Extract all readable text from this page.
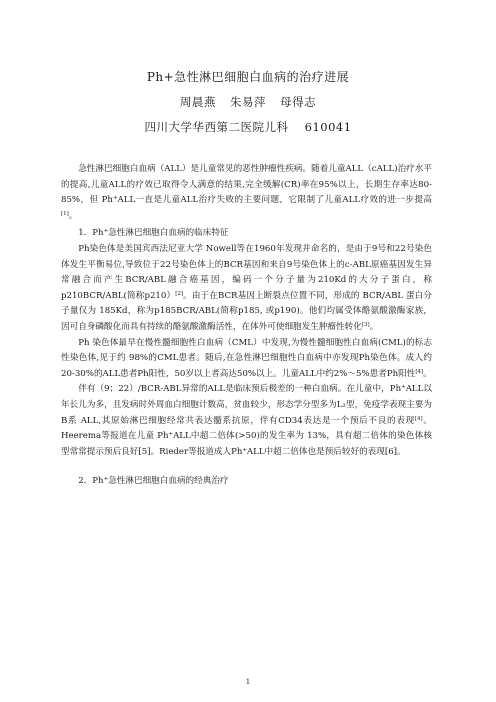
Ph+急性淋巴细胞白血病的治疗进展
周晨燕 朱易萍 母得志
四川大学华西第二医院儿科 610041

急性淋巴细胞白血病（ALL）是儿童常见的恶性肿瘤性疾病。随着儿童ALL（cALL)治疗水平的提高,儿童ALL的疗效已取得令人满意的结果,完全缓解(CR)率在95%以上，长期生存率达80-85%，但 Ph+ALL一直是儿童ALL治疗失败的主要问题，它限制了儿童ALL疗效的进一步提高[1]。

1．Ph+急性淋巴细胞白血病的临床特征

Ph染色体是美国宾西法尼亚大学 Nowell等在1960年发现并命名的，是由于9号和22号染色体发生平衡易位,导致位于22号染色体上的BCR基因和来自9号染色体上的c-ABL原癌基因发生异常融合而产生BCR/ABL融合癌基因，编码一个分子量为210Kd的大分子蛋白，称p210BCR/ABL(简称p210）[2]。由于在BCR基因上断裂点位置不同，形成的 BCR/ABL 蛋白分子量仅为 185Kd，称为p185BCR/ABL(简称p185, 或p190)。他们均属受体酪氨酸激酶家族，因可自身磷酸化而具有持续的酪氨酸激酶活性，在体外可使细胞发生肿瘤性转化[3]。

Ph 染色体最早在慢性髓细胞性白血病（CML）中发现,为慢性髓细胞性白血病(CML)的标志性染色体,见于约 98%的CML患者。随后,在急性淋巴细胞性白血病中亦发现Ph染色体。成人约20-30%的ALL患者Ph阳性，50岁以上者高达50%以上。儿童ALL中约2%～5%患者Ph阳性[4]。

伴有（9；22）/BCR-ABL异常的ALL是临床预后极差的一种白血病。在儿童中，Ph+ALL以年长儿为多，且发病时外周血白细胞计数高，贫血较少，形态学分型多为L₂型，免疫学表现主要为B系 ALL,其原始淋巴细胞经常共表达髓系抗原，伴有CD34表达是一个预后不良的表现[4]。Heerema等报道在儿童 Ph⁺ALL中超二倍体(>50)的发生率为 13%，具有超二倍体的染色体核型常常提示预后良好[5]。Rieder等报道成人Ph⁺ALL中超二倍体也是预后较好的表现[6]。

2．Ph+急性淋巴细胞白血病的经典治疗

1
